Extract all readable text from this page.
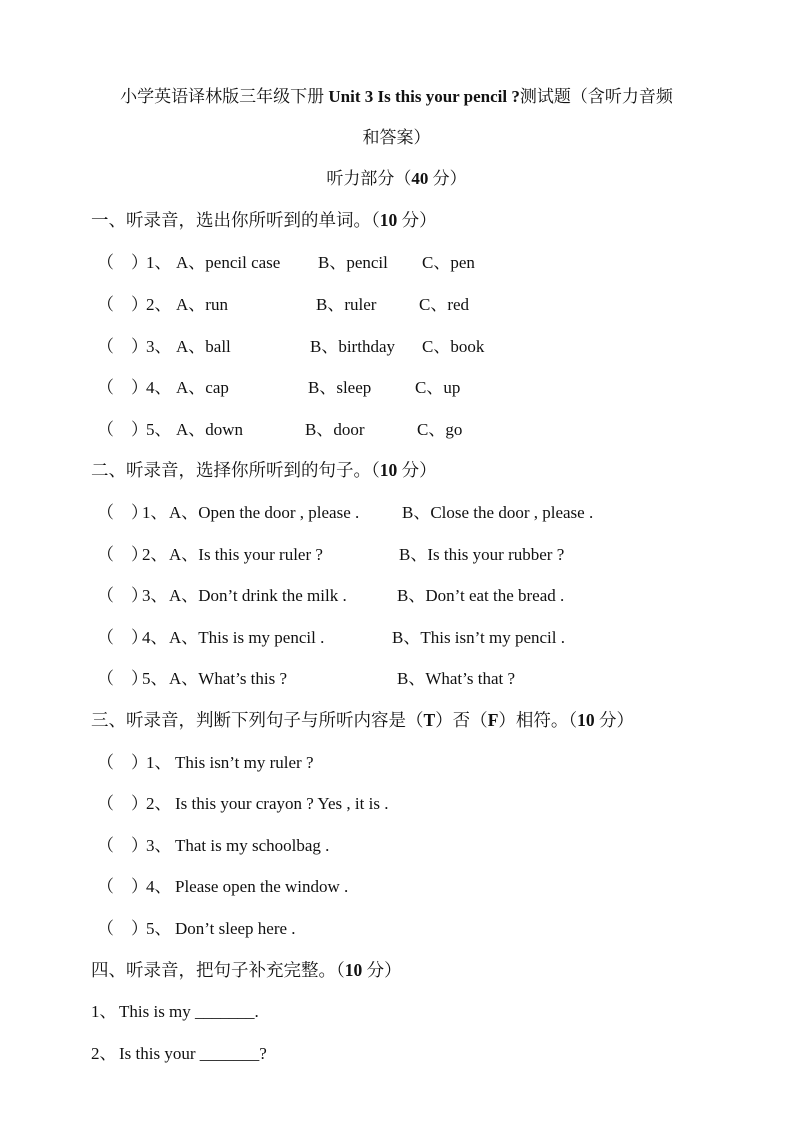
小学英语译林版三年级下册 Unit 3 Is this your pencil ?测试题（含听力音频
和答案）
听力部分（40 分）
一、听录音，选出你所听到的单词。（10 分）
（　）
1、 A、pencil case B、pencil C、pen
（　）
2、 A、run	B、ruler	C、red
（　）
3、 A、ball	B、birthday C、book
（　）
4、 A、cap	B、sleep	C、up
（　）
5、 A、down	B、door	C、go
二、听录音，选择你所听到的句子。（10 分）
（　）
1、 A、Open the door , please .	B、Close the door , please .
（　）
2、 A、Is this your ruler ?	B、Is this your rubber ?
（　）
3、 A、Don’t drink the milk .	B、Don’t eat the bread .
（　）
4、 A、This is my pencil .	B、This isn’t my pencil .
（　）
5、 A、What’s this ?	B、What’s that ?
三、听录音，判断下列句子与所听内容是（T）否（F）相符。（10 分）
（　）
1、 This isn’t my ruler ?
（　）
2、 Is this your crayon ? Yes , it is .
（　）
3、 That is my schoolbag .
（　）
4、 Please open the window .
（　）
5、 Don’t sleep here .
四、听录音，把句子补充完整。（10 分）
1、 This is my _______.
2、 Is this your _______?
